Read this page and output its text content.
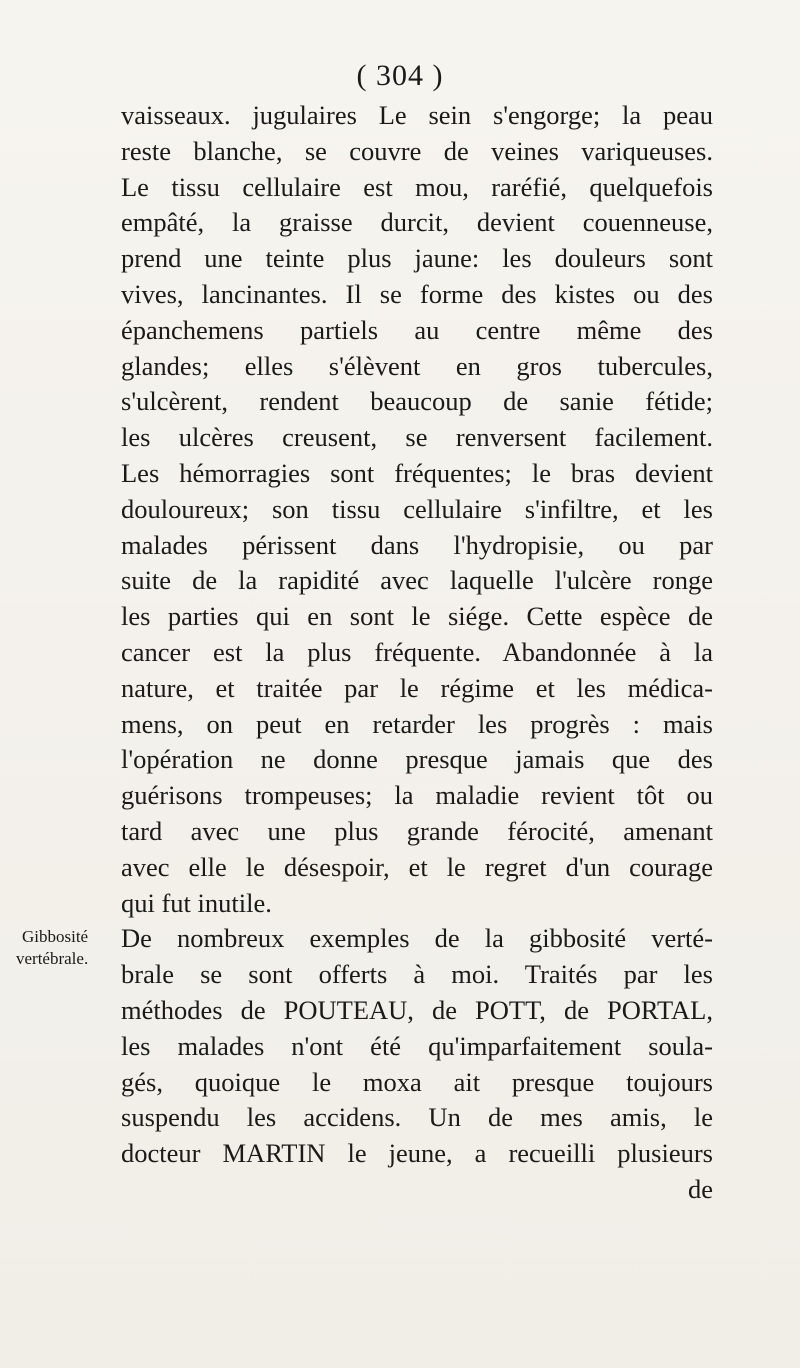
( 304 )
Gibbosité
vertébrale.
vaisseaux. jugulaires Le sein s'engorge; la peau
reste blanche, se couvre de veines variqueuses.
Le tissu cellulaire est mou, raréfié, quelquefois
empâté, la graisse durcit, devient couenneuse,
prend une teinte plus jaune: les douleurs sont
vives, lancinantes. Il se forme des kistes ou des
épanchemens partiels au centre même des
glandes; elles s'élèvent en gros tubercules,
s'ulcèrent, rendent beaucoup de sanie fétide;
les ulcères creusent, se renversent facilement.
Les hémorragies sont fréquentes; le bras devient
douloureux; son tissu cellulaire s'infiltre, et les
malades périssent dans l'hydropisie, ou par
suite de la rapidité avec laquelle l'ulcère ronge
les parties qui en sont le siége. Cette espèce de
cancer est la plus fréquente. Abandonnée à la
nature, et traitée par le régime et les médica-
mens, on peut en retarder les progrès : mais
l'opération ne donne presque jamais que des
guérisons trompeuses; la maladie revient tôt ou
tard avec une plus grande férocité, amenant
avec elle le désespoir, et le regret d'un courage
qui fut inutile.
De nombreux exemples de la gibbosité verté-
brale se sont offerts à moi. Traités par les
méthodes de POUTEAU, de POTT, de PORTAL,
les malades n'ont été qu'imparfaitement soula-
gés, quoique le moxa ait presque toujours
suspendu les accidens. Un de mes amis, le
docteur MARTIN le jeune, a recueilli plusieurs
de
